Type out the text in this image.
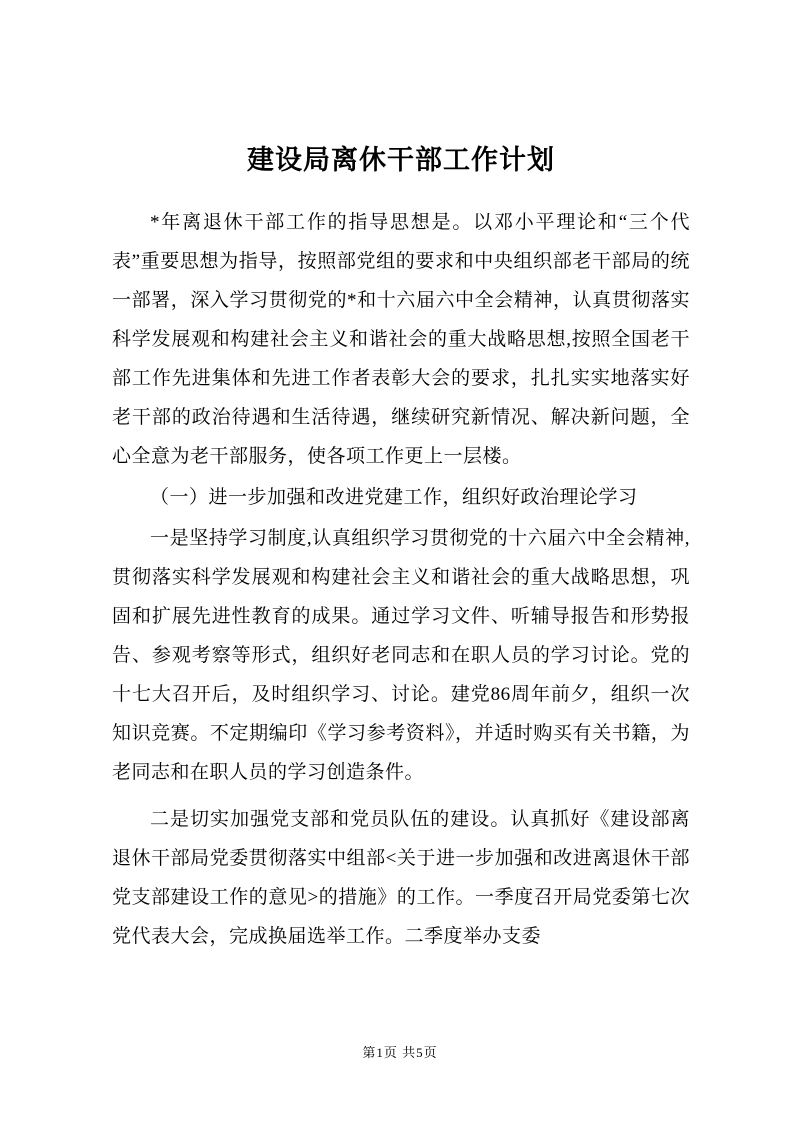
建设局离休干部工作计划

*年离退休干部工作的指导思想是。以邓小平理论和“三个代表”重要思想为指导，按照部党组的要求和中央组织部老干部局的统一部署，深入学习贯彻党的*和十六届六中全会精神，认真贯彻落实科学发展观和构建社会主义和谐社会的重大战略思想,按照全国老干部工作先进集体和先进工作者表彰大会的要求，扎扎实实地落实好老干部的政治待遇和生活待遇，继续研究新情况、解决新问题，全心全意为老干部服务，使各项工作更上一层楼。

（一）进一步加强和改进党建工作，组织好政治理论学习

一是坚持学习制度,认真组织学习贯彻党的十六届六中全会精神,贯彻落实科学发展观和构建社会主义和谐社会的重大战略思想，巩固和扩展先进性教育的成果。通过学习文件、听辅导报告和形势报告、参观考察等形式，组织好老同志和在职人员的学习讨论。党的十七大召开后，及时组织学习、讨论。建党86周年前夕，组织一次知识竞赛。不定期编印《学习参考资料》，并适时购买有关书籍，为老同志和在职人员的学习创造条件。

二是切实加强党支部和党员队伍的建设。认真抓好《建设部离退休干部局党委贯彻落实中组部<关于进一步加强和改进离退休干部党支部建设工作的意见>的措施》的工作。一季度召开局党委第七次党代表大会，完成换届选举工作。二季度举办支委

第1页 共5页
